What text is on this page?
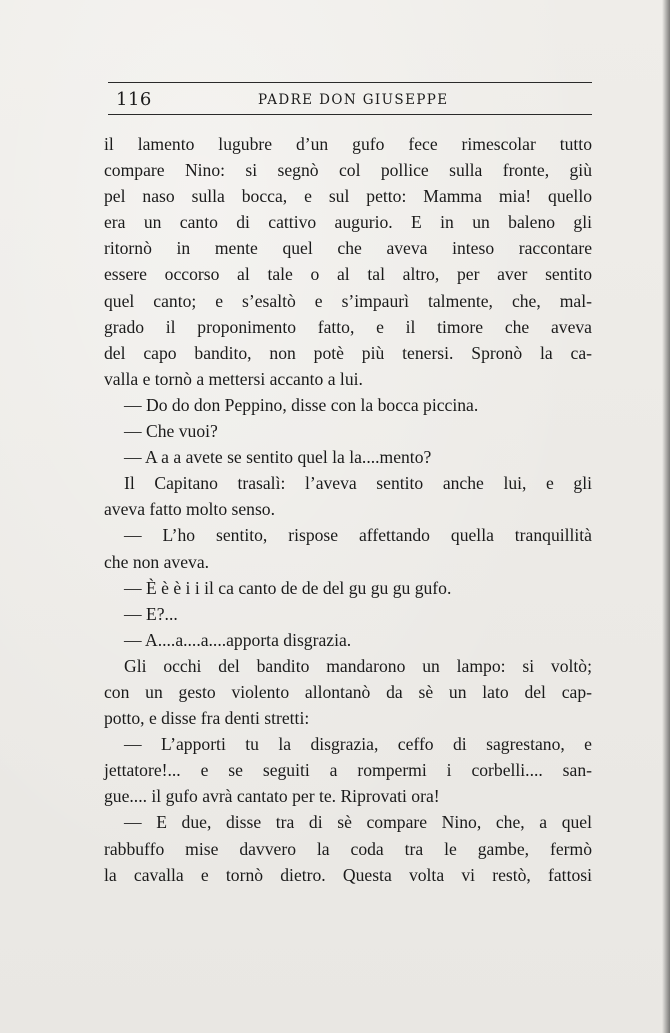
116	PADRE DON GIUSEPPE
il lamento lugubre d’un gufo fece rimescolar tutto
compare Nino: si segnò col pollice sulla fronte, giù
pel naso sulla bocca, e sul petto: Mamma mia! quello
era un canto di cattivo augurio. E in un baleno gli
ritornò in mente quel che aveva inteso raccontare
essere occorso al tale o al tal altro, per aver sentito
quel canto; e s’esaltò e s’impaurì talmente, che, mal-
grado il proponimento fatto, e il timore che aveva
del capo bandito, non potè più tenersi. Spronò la ca-
valla e tornò a mettersi accanto a lui.
— Do do don Peppino, disse con la bocca piccina.
— Che vuoi?
— A a a avete se sentito quel la la....mento?
Il Capitano trasalì: l’aveva sentito anche lui, e gli
aveva fatto molto senso.
— L’ho sentito, rispose affettando quella tranquillità
che non aveva.
— È è è i i il ca canto de de del gu gu gu gufo.
— E?...
— A....a....a....apporta disgrazia.
Gli occhi del bandito mandarono un lampo: si voltò;
con un gesto violento allontanò da sè un lato del cap-
potto, e disse fra denti stretti:
— L’apporti tu la disgrazia, ceffo di sagrestano, e
jettatore!... e se seguiti a rompermi i corbelli.... san-
gue.... il gufo avrà cantato per te. Riprovati ora!
— E due, disse tra di sè compare Nino, che, a quel
rabbuffo mise davvero la coda tra le gambe, fermò
la cavalla e tornò dietro. Questa volta vi restò, fattosi
